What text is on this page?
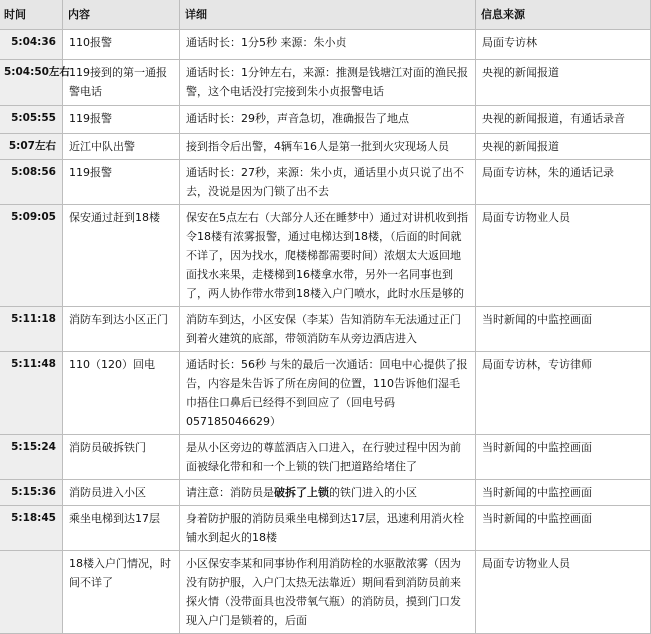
时间	内容	详细	信息来源
5:04:36	110报警	通话时长：1分5秒 来源：朱小贞	局面专访林
5:04:50左右	119接到的第一通报警电话	通话时长：1分钟左右，来源：推测是钱塘江对面的渔民报警，这个电话没打完接到朱小贞报警电话	央视的新闻报道
5:05:55	119报警	通话时长：29秒，声音急切，准确报告了地点	央视的新闻报道，有通话录音
5:07左右	近江中队出警	接到指令后出警，4辆车16人是第一批到火灾现场人员	央视的新闻报道
5:08:56	119报警	通话时长：27秒，来源：朱小贞，通话里小贞只说了出不去，没说是因为门锁了出不去	局面专访林，朱的通话记录
5:09:05	保安通过赶到18楼	保安在5点左右（大部分人还在睡梦中）通过对讲机收到指令18楼有浓雾报警，通过电梯达到18楼，（后面的时间就不详了，因为找水，爬楼梯都需要时间）浓烟太大返回地面找水来果，走楼梯到16楼拿水带，另外一名同事也到了，两人协作带水带到18楼入户门喷水，此时水压是够的	局面专访物业人员
5:11:18	消防车到达小区正门	消防车到达，小区安保（李某）告知消防车无法通过正门到着火建筑的底部，带领消防车从旁边酒店进入	当时新闻的中监控画面
5:11:48	110（120）回电	通话时长：56秒 与朱的最后一次通话：回电中心提供了报告，内容是朱告诉了所在房间的位置，110告诉他们湿毛巾捂住口鼻后已经得不到回应了（回电号码057185046629）	局面专访林，专访律师
5:15:24	消防员破拆铁门	是从小区旁边的尊蓝酒店入口进入，在行驶过程中因为前面被绿化带和和一个上锁的铁门把道路给堵住了	当时新闻的中监控画面
5:15:36	消防员进入小区	请注意：消防员是破拆了上锁的铁门进入的小区	当时新闻的中监控画面
5:18:45	乘坐电梯到达17层	身着防护服的消防员乘坐电梯到达17层，迅速利用消火栓铺水到起火的18楼	当时新闻的中监控画面
	18楼入户门情况，时间不详了	小区保安李某和同事协作利用消防栓的水驱散浓雾（因为没有防护服，入户门太热无法靠近）期间看到消防员前来探火情（没带面具也没带氧气瓶）的消防员，摸到门口发现入户门是锁着的，后面	局面专访物业人员
